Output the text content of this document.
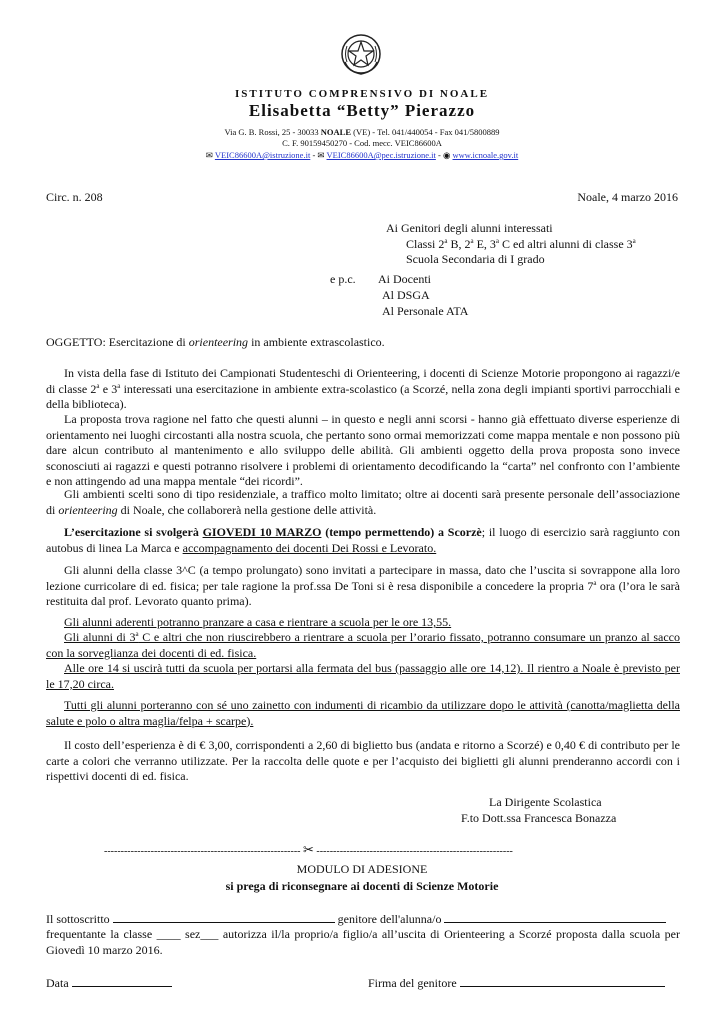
ISTITUTO COMPRENSIVO DI NOALE
Elisabetta “Betty” Pierazzo
Via G. B. Rossi, 25 - 30033 NOALE (VE) - Tel. 041/440054 - Fax 041/5800889
C. F. 90159450270 - Cod. mecc. VEIC86600A
✉ VEIC86600A@istruzione.it - ✉ VEIC86600A@pec.istruzione.it - ◉ www.icnoale.gov.it
Circ. n. 208	Noale, 4 marzo 2016
Ai Genitori degli alunni interessati
Classi 2$^a$ B, 2$^a$ E, 3$^a$ C ed altri alunni di classe 3$^a$
Scuola Secondaria di I grado
e p.c. Ai Docenti
Al DSGA
Al Personale ATA
OGGETTO: Esercitazione di orienteering in ambiente extrascolastico.
In vista della fase di Istituto dei Campionati Studenteschi di Orienteering, i docenti di Scienze Motorie propongono ai ragazzi/e di classe 2$^a$ e 3$^a$ interessati una esercitazione in ambiente extra-scolastico (a Scorzé, nella zona degli impianti sportivi parrocchiali e della biblioteca).
La proposta trova ragione nel fatto che questi alunni – in questo e negli anni scorsi - hanno già effettuato diverse esperienze di orientamento nei luoghi circostanti alla nostra scuola, che pertanto sono ormai memorizzati come mappa mentale e non possono più dare alcun contributo al mantenimento e allo sviluppo delle abilità. Gli ambienti oggetto della prova proposta sono invece sconosciuti ai ragazzi e questi potranno risolvere i problemi di orientamento decodificando la “carta” nel confronto con l’ambiente e non attingendo ad una mappa mentale “dei ricordi”.
Gli ambienti scelti sono di tipo residenziale, a traffico molto limitato; oltre ai docenti sarà presente personale dell’associazione di orienteering di Noale, che collaborerà nella gestione delle attività.
L’esercitazione si svolgerà GIOVEDI 10 MARZO (tempo permettendo) a Scorzè; il luogo di esercizio sarà raggiunto con autobus di linea La Marca e accompagnamento dei docenti Dei Rossi e Levorato.
Gli alunni della classe 3^C (a tempo prolungato) sono invitati a partecipare in massa, dato che l’uscita si sovrappone alla loro lezione curricolare di ed. fisica; per tale ragione la prof.ssa De Toni si è resa disponibile a concedere la propria 7$^a$ ora (l’ora le sarà restituita dal prof. Levorato quanto prima).
Gli alunni aderenti potranno pranzare a casa e rientrare a scuola per le ore 13,55.
Gli alunni di 3$^a$ C e altri che non riuscirebbero a rientrare a scuola per l’orario fissato, potranno consumare un pranzo al sacco con la sorveglianza dei docenti di ed. fisica.
Alle ore 14 si uscirà tutti da scuola per portarsi alla fermata del bus (passaggio alle ore 14,12). Il rientro a Noale è previsto per le 17,20 circa.
Tutti gli alunni porteranno con sé uno zainetto con indumenti di ricambio da utilizzare dopo le attività (canotta/maglietta della salute e polo o altra maglia/felpa + scarpe).
Il costo dell’esperienza è di € 3,00, corrispondenti a 2,60 di biglietto bus (andata e ritorno a Scorzé) e 0,40 € di contributo per le carte a colori che verranno utilizzate. Per la raccolta delle quote e per l’acquisto dei biglietti gli alunni prenderanno accordi con i rispettivi docenti di ed. fisica.
La Dirigente Scolastica
F.to Dott.ssa Francesca Bonazza
----------------------------------------------------------- ✂ -----------------------------------------------------------
MODULO DI ADESIONE
si prega di riconsegnare ai docenti di Scienze Motorie
Il sottoscritto	genitore dell'alunna/o
frequentante la classe ____ sez___ autorizza il/la proprio/a figlio/a all’uscita di Orienteering a Scorzé proposta dalla scuola per Giovedì 10 marzo 2016.
Data	Firma del genitore
